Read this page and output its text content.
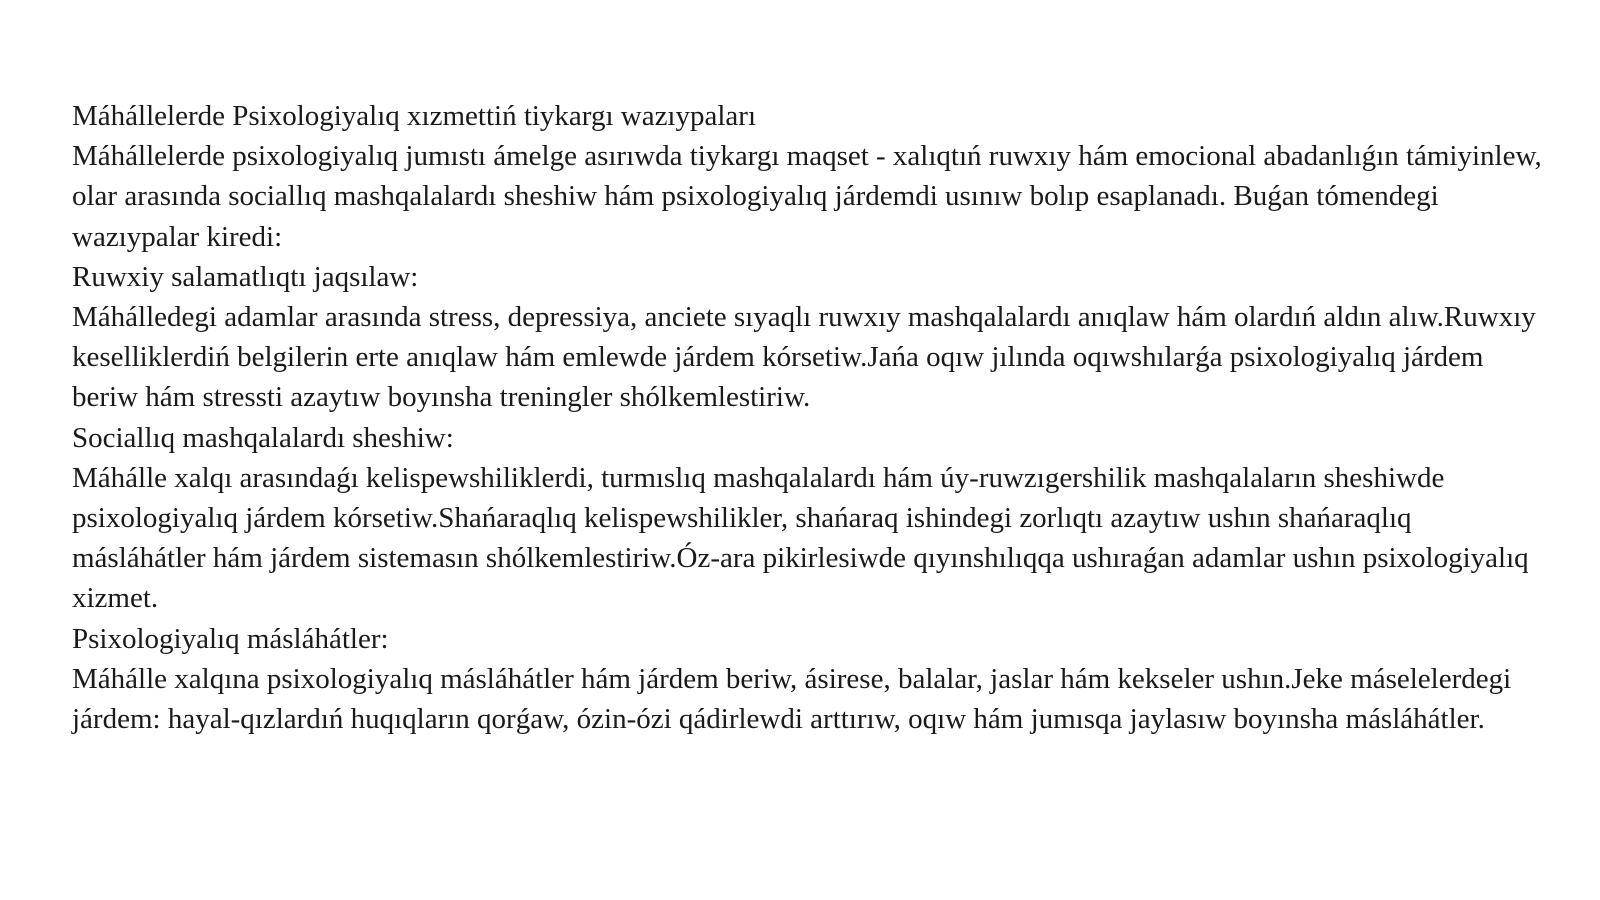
Máhállelerde Psixologiyalıq xızmettiń tiykargı wazıypaları

Máhállelerde psixologiyalıq jumıstı ámelge asırıwda tiykargı maqset - xalıqtıń ruwxıy hám emocional abadanlıǵın támiyinlew, olar arasında sociallıq mashqalalardı sheshiw hám psixologiyalıq járdemdi usınıw bolıp esaplanadı. Buǵan tómendegi wazıypalar kiredi:

Ruwxiy salamatlıqtı jaqsılaw:

Máhálledegi adamlar arasında stress, depressiya, anciete sıyaqlı ruwxıy mashqalalardı anıqlaw hám olardıń aldın alıw.Ruwxıy keselliklerdiń belgilerin erte anıqlaw hám emlewde járdem kórsetiw.Jańa oqıw jılında oqıwshılarǵa psixologiyalıq járdem beriw hám stressti azaytıw boyınsha treningler shólkemlestiriw.

Sociallıq mashqalalardı sheshiw:

Máhálle xalqı arasındaǵı kelispewshiliklerdi, turmıslıq mashqalalardı hám úy-ruwzıgershilik mashqalaların sheshiwde psixologiyalıq járdem kórsetiw.Shańaraqlıq kelispewshilikler, shańaraq ishindegi zorlıqtı azaytıw ushın shańaraqlıq másláhátler hám járdem sistemasın shólkemlestiriw.Óz-ara pikirlesiwde qıyınshılıqqa ushıraǵan adamlar ushın psixologiyalıq xizmet.

Psixologiyalıq másláhátler:

Máhálle xalqına psixologiyalıq másláhátler hám járdem beriw, ásirese, balalar, jaslar hám kekseler ushın.Jeke máselelerdegi járdem: hayal-qızlardıń huqıqların qorǵaw, ózin-ózi qádirlewdi arttırıw, oqıw hám jumısqa jaylasıw boyınsha másláhátler.
